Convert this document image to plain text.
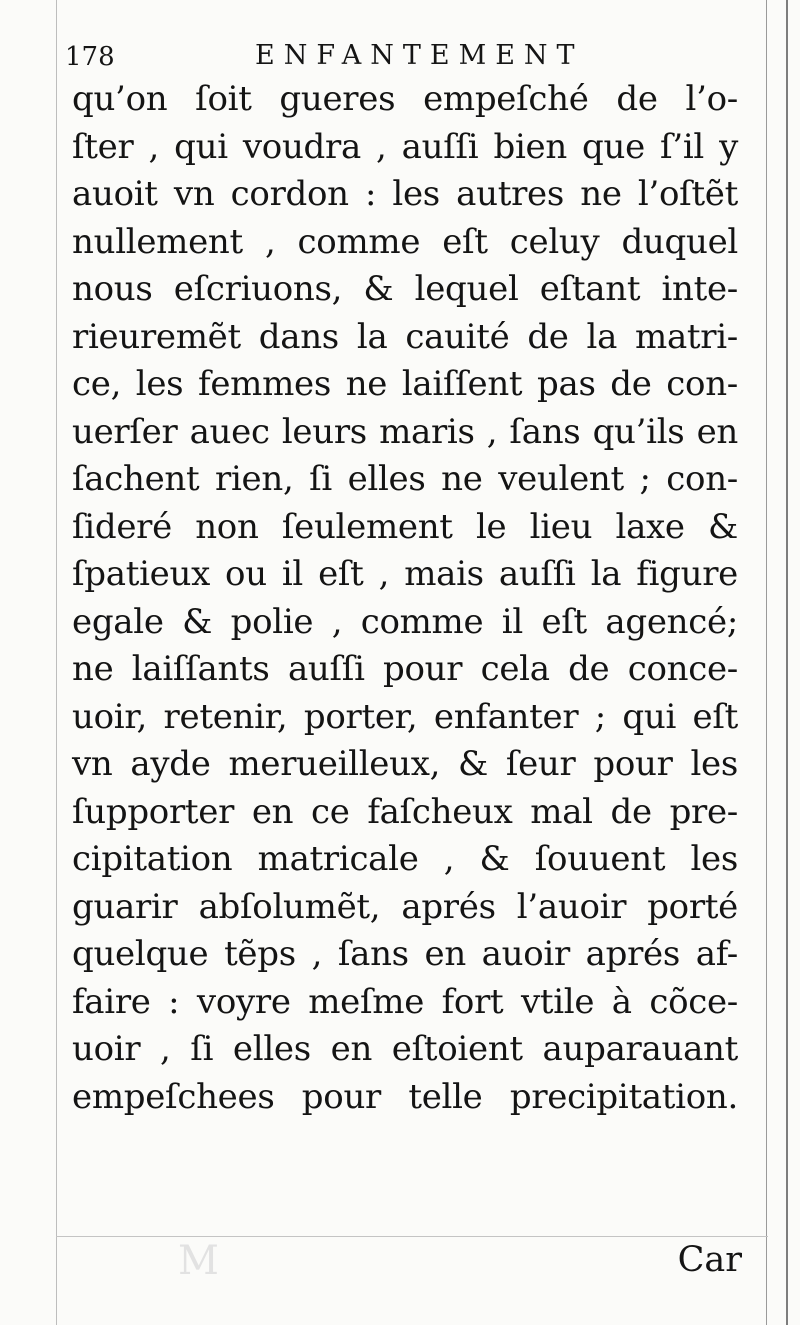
178	ENFANTEMENT
qu’on ſoit gueres empeſché de l’o-
ſter , qui voudra , auſſi bien que ſ’il y
auoit vn cordon : les autres ne l’oſtẽt
nullement , comme eſt celuy duquel
nous eſcriuons, & lequel eſtant inte-
rieuremẽt dans la cauité de la matri-
ce, les femmes ne laiſſent pas de con-
uerſer auec leurs maris , ſans qu’ils en
ſachent rien, ſi elles ne veulent ; con-
ſideré non ſeulement le lieu laxe &
ſpatieux ou il eſt , mais auſſi la figure
egale & polie , comme il eſt agencé;
ne laiſſants auſſi pour cela de conce-
uoir, retenir, porter, enfanter ; qui eſt
vn ayde merueilleux, & ſeur pour les
ſupporter en ce faſcheux mal de pre-
cipitation matricale , & ſouuent les
guarir abſolumẽt, aprés l’auoir porté
quelque tẽps , ſans en auoir aprés af-
faire : voyre meſme fort vtile à cõce-
uoir , ſi elles en eſtoient auparauant
empeſchees pour telle precipitation.
M	Car
